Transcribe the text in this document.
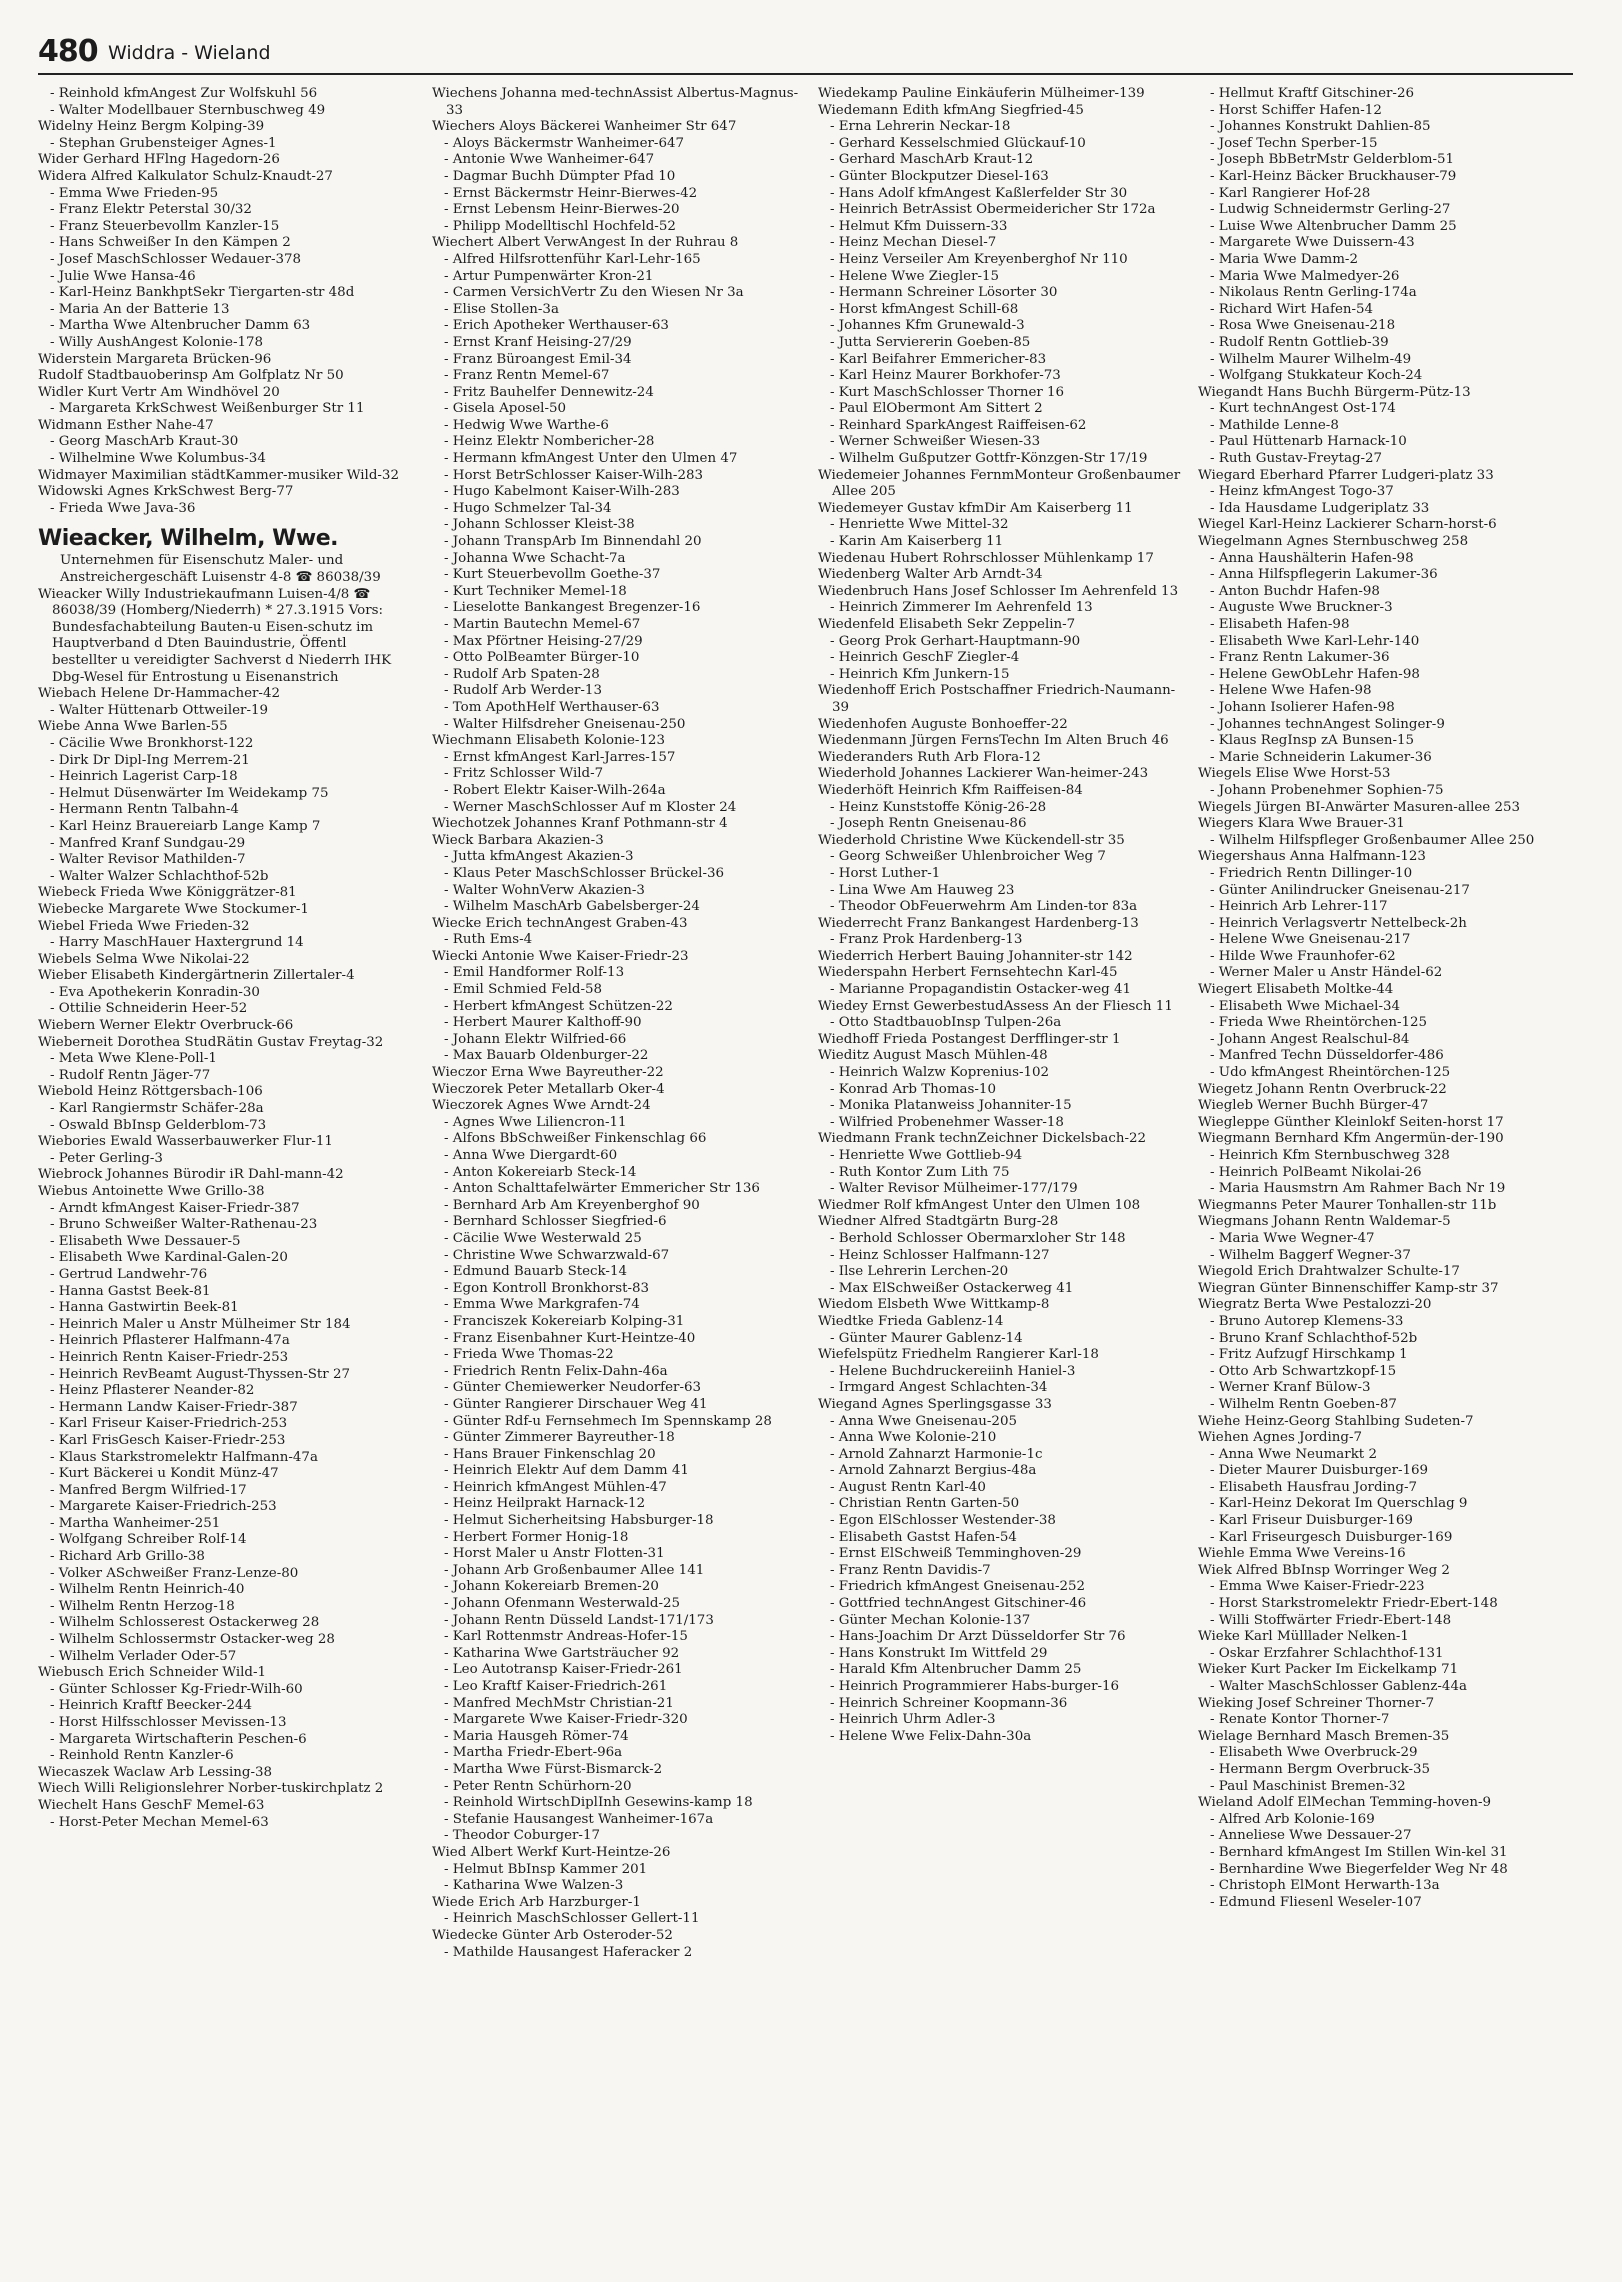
480 Widdra - Wieland
- Reinhold kfmAngest Zur Wolfskuhl 56
- Walter Modellbauer Sternbuschweg 49
Widelny Heinz Bergm Kolping-39
- Stephan Grubensteiger Agnes-1
Wider Gerhard HFlng Hagedorn-26
Widera Alfred Kalkulator Schulz-Knaudt-27
- Emma Wwe Frieden-95
- Franz Elektr Peterstal 30/32
- Franz Steuerbevollm Kanzler-15
- Hans Schweißer In den Kämpen 2
- Josef MaschSchlosser Wedauer-378
- Julie Wwe Hansa-46
- Karl-Heinz BankhptSekr Tiergarten-str 48d
- Maria An der Batterie 13
- Martha Wwe Altenbrucher Damm 63
- Willy AushAngest Kolonie-178
Widerstein Margareta Brücken-96
Rudolf Stadtbauoberinsp Am Golfplatz Nr 50
Widler Kurt Vertr Am Windhövel 20
- Margareta KrkSchwest Weißenburger Str 11
Widmann Esther Nahe-47
- Georg MaschArb Kraut-30
- Wilhelmine Wwe Kolumbus-34
Widmayer Maximilian städtKammer-musiker Wild-32
Widowski Agnes KrkSchwest Berg-77
- Frieda Wwe Java-36
Wieacker, Wilhelm, Wwe.
Unternehmen für Eisenschutz Maler- und Anstreichergeschäft Luisenstr 4-8 ☎ 86038/39
Wieacker Willy Industriekaufmann Luisen-4/8 ☎ 86038/39 (Homberg/Niederrh) * 27.3.1915 Vors: Bundesfachabteilung Bauten-u Eisen-schutz im Hauptverband d Dten Bauindustrie, Öffentl bestellter u vereidigter Sachverst d Niederrh IHK Dbg-Wesel für Entrostung u Eisenanstrich
Wiebach Helene Dr-Hammacher-42
- Walter Hüttenarb Ottweiler-19
Wiebe Anna Wwe Barlen-55
- Cäcilie Wwe Bronkhorst-122
- Dirk Dr Dipl-Ing Merrem-21
- Heinrich Lagerist Carp-18
- Helmut Düsenwärter Im Weidekamp 75
- Hermann Rentn Talbahn-4
- Karl Heinz Brauereiarb Lange Kamp 7
- Manfred Kranf Sundgau-29
- Walter Revisor Mathilden-7
- Walter Walzer Schlachthof-52b
Wiebeck Frieda Wwe Königgrätzer-81
Wiebecke Margarete Wwe Stockumer-1
Wiebel Frieda Wwe Frieden-32
- Harry MaschHauer Haxtergrund 14
Wiebels Selma Wwe Nikolai-22
Wieber Elisabeth Kindergärtnerin Zillertaler-4
- Eva Apothekerin Konradin-30
- Ottilie Schneiderin Heer-52
Wiebern Werner Elektr Overbruck-66
Wieberneit Dorothea StudRätin Gustav Freytag-32
- Meta Wwe Klene-Poll-1
- Rudolf Rentn Jäger-77
Wiebold Heinz Röttgersbach-106
- Karl Rangiermstr Schäfer-28a
- Oswald BbInsp Gelderblom-73
Wiebories Ewald Wasserbauwerker Flur-11
- Peter Gerling-3
Wiebrock Johannes Bürodir iR Dahl-mann-42
Wiebus Antoinette Wwe Grillo-38
- Arndt kfmAngest Kaiser-Friedr-387
- Bruno Schweißer Walter-Rathenau-23
- Elisabeth Wwe Dessauer-5
- Elisabeth Wwe Kardinal-Galen-20
- Gertrud Landwehr-76
- Hanna Gastst Beek-81
- Hanna Gastwirtin Beek-81
- Heinrich Maler u Anstr Mülheimer Str 184
- Heinrich Pflasterer Halfmann-47a
- Heinrich Rentn Kaiser-Friedr-253
- Heinrich RevBeamt August-Thyssen-Str 27
- Heinz Pflasterer Neander-82
- Hermann Landw Kaiser-Friedr-387
- Karl Friseur Kaiser-Friedrich-253
- Karl FrisGesch Kaiser-Friedr-253
- Klaus Starkstromelektr Halfmann-47a
- Kurt Bäckerei u Kondit Münz-47
- Manfred Bergm Wilfried-17
- Margarete Kaiser-Friedrich-253
- Martha Wanheimer-251
- Wolfgang Schreiber Rolf-14
- Richard Arb Grillo-38
- Volker ASchweißer Franz-Lenze-80
- Wilhelm Rentn Heinrich-40
- Wilhelm Rentn Herzog-18
- Wilhelm Schlosserest Ostackerweg 28
- Wilhelm Schlossermstr Ostacker-weg 28
- Wilhelm Verlader Oder-57
Wiebusch Erich Schneider Wild-1
- Günter Schlosser Kg-Friedr-Wilh-60
- Heinrich Kraftf Beecker-244
- Horst Hilfsschlosser Mevissen-13
- Margareta Wirtschafterin Peschen-6
- Reinhold Rentn Kanzler-6
Wiecaszek Waclaw Arb Lessing-38
Wiech Willi Religionslehrer Norber-tuskirchplatz 2
Wiechelt Hans GeschF Memel-63
- Horst-Peter Mechan Memel-63
Wiechens Johanna med-technAssist Albertus-Magnus-33
Wiechers Aloys Bäckerei Wanheimer Str 647
- Aloys Bäckermstr Wanheimer-647
- Antonie Wwe Wanheimer-647
- Dagmar Buchh Dümpter Pfad 10
- Ernst Bäckermstr Heinr-Bierwes-42
- Ernst Lebensm Heinr-Bierwes-20
- Philipp Modelltischl Hochfeld-52
Wiechert Albert VerwAngest In der Ruhrau 8
- Alfred Hilfsrottenführ Karl-Lehr-165
- Artur Pumpenwärter Kron-21
- Carmen VersichVertr Zu den Wiesen Nr 3a
- Elise Stollen-3a
- Erich Apotheker Werthauser-63
- Ernst Kranf Heising-27/29
- Franz Büroangest Emil-34
- Franz Rentn Memel-67
- Fritz Bauhelfer Dennewitz-24
- Gisela Aposel-50
- Hedwig Wwe Warthe-6
- Heinz Elektr Nombericher-28
- Hermann kfmAngest Unter den Ulmen 47
- Horst BetrSchlosser Kaiser-Wilh-283
- Hugo Kabelmont Kaiser-Wilh-283
- Hugo Schmelzer Tal-34
- Johann Schlosser Kleist-38
- Johann TranspArb Im Binnendahl 20
- Johanna Wwe Schacht-7a
- Kurt Steuerbevollm Goethe-37
- Kurt Techniker Memel-18
- Lieselotte Bankangest Bregenzer-16
- Martin Bautechn Memel-67
- Max Pförtner Heising-27/29
- Otto PolBeamter Bürger-10
- Rudolf Arb Spaten-28
- Rudolf Arb Werder-13
- Tom ApothHelf Werthauser-63
- Walter Hilfsdreher Gneisenau-250
Wiechmann Elisabeth Kolonie-123
- Ernst kfmAngest Karl-Jarres-157
- Fritz Schlosser Wild-7
- Robert Elektr Kaiser-Wilh-264a
- Werner MaschSchlosser Auf m Kloster 24
Wiechotzek Johannes Kranf Pothmann-str 4
Wieck Barbara Akazien-3
- Jutta kfmAngest Akazien-3
- Klaus Peter MaschSchlosser Brückel-36
- Walter WohnVerw Akazien-3
- Wilhelm MaschArb Gabelsberger-24
Wiecke Erich technAngest Graben-43
- Ruth Ems-4
Wiecki Antonie Wwe Kaiser-Friedr-23
- Emil Handformer Rolf-13
- Emil Schmied Feld-58
- Herbert kfmAngest Schützen-22
- Herbert Maurer Kalthoff-90
- Johann Elektr Wilfried-66
- Max Bauarb Oldenburger-22
Wieczor Erna Wwe Bayreuther-22
Wieczorek Peter Metallarb Oker-4
Wieczorek Agnes Wwe Arndt-24
- Agnes Wwe Liliencron-11
- Alfons BbSchweißer Finkenschlag 66
- Anna Wwe Diergardt-60
- Anton Kokereiarb Steck-14
- Anton Schalttafelwärter Emmericher Str 136
- Bernhard Arb Am Kreyenberghof 90
- Bernhard Schlosser Siegfried-6
- Cäcilie Wwe Westerwald 25
- Christine Wwe Schwarzwald-67
- Edmund Bauarb Steck-14
- Egon Kontroll Bronkhorst-83
- Emma Wwe Markgrafen-74
- Franciszek Kokereiarb Kolping-31
- Franz Eisenbahner Kurt-Heintze-40
- Frieda Wwe Thomas-22
- Friedrich Rentn Felix-Dahn-46a
- Günter Chemiewerker Neudorfer-63
- Günter Rangierer Dirschauer Weg 41
- Günter Rdf-u Fernsehmech Im Spennskamp 28
- Günter Zimmerer Bayreuther-18
- Hans Brauer Finkenschlag 20
- Heinrich Elektr Auf dem Damm 41
- Heinrich kfmAngest Mühlen-47
- Heinz Heilprakt Harnack-12
- Helmut Sicherheitsing Habsburger-18
- Herbert Former Honig-18
- Horst Maler u Anstr Flotten-31
- Johann Arb Großenbaumer Allee 141
- Johann Kokereiarb Bremen-20
- Johann Ofenmann Westerwald-25
- Johann Rentn Düsseld Landst-171/173
- Karl Rottenmstr Andreas-Hofer-15
- Katharina Wwe Gartsträucher 92
- Leo Autotransp Kaiser-Friedr-261
- Leo Kraftf Kaiser-Friedrich-261
- Manfred MechMstr Christian-21
- Margarete Wwe Kaiser-Friedr-320
- Maria Hausgeh Römer-74
- Martha Friedr-Ebert-96a
- Martha Wwe Fürst-Bismarck-2
- Peter Rentn Schürhorn-20
- Reinhold WirtschDiplInh Gesewins-kamp 18
- Stefanie Hausangest Wanheimer-167a
- Theodor Coburger-17
Wied Albert Werkf Kurt-Heintze-26
- Helmut BbInsp Kammer 201
- Katharina Wwe Walzen-3
Wiede Erich Arb Harzburger-1
- Heinrich MaschSchlosser Gellert-11
Wiedecke Günter Arb Osteroder-52
- Mathilde Hausangest Haferacker 2
Wiedekamp Pauline Einkäuferin Mülheimer-139
Wiedemann Edith kfmAng Siegfried-45
- Erna Lehrerin Neckar-18
- Gerhard Kesselschmied Glückauf-10
- Gerhard MaschArb Kraut-12
- Günter Blockputzer Diesel-163
- Hans Adolf kfmAngest Kaßlerfelder Str 30
- Heinrich BetrAssist Obermeidericher Str 172a
- Helmut Kfm Duissern-33
- Heinz Mechan Diesel-7
- Heinz Verseiler Am Kreyenberghof Nr 110
- Helene Wwe Ziegler-15
- Hermann Schreiner Lösorter 30
- Horst kfmAngest Schill-68
- Johannes Kfm Grunewald-3
- Jutta Serviererin Goeben-85
- Karl Beifahrer Emmericher-83
- Karl Heinz Maurer Borkhofer-73
- Kurt MaschSchlosser Thorner 16
- Paul ElObermont Am Sittert 2
- Reinhard SparkAngest Raiffeisen-62
- Werner Schweißer Wiesen-33
- Wilhelm Gußputzer Gottfr-Könzgen-Str 17/19
Wiedemeier Johannes FernmMonteur Großenbaumer Allee 205
Wiedemeyer Gustav kfmDir Am Kaiserberg 11
- Henriette Wwe Mittel-32
- Karin Am Kaiserberg 11
Wiedenau Hubert Rohrschlosser Mühlenkamp 17
Wiedenberg Walter Arb Arndt-34
Wiedenbruch Hans Josef Schlosser Im Aehrenfeld 13
- Heinrich Zimmerer Im Aehrenfeld 13
Wiedenfeld Elisabeth Sekr Zeppelin-7
- Georg Prok Gerhart-Hauptmann-90
- Heinrich GeschF Ziegler-4
- Heinrich Kfm Junkern-15
Wiedenhoff Erich Postschaffner Friedrich-Naumann-39
Wiedenhofen Auguste Bonhoeffer-22
Wiedenmann Jürgen FernsTechn Im Alten Bruch 46
Wiederanders Ruth Arb Flora-12
Wiederhold Johannes Lackierer Wan-heimer-243
Wiederhöft Heinrich Kfm Raiffeisen-84
- Heinz Kunststoffe König-26-28
- Joseph Rentn Gneisenau-86
Wiederhold Christine Wwe Kückendell-str 35
- Georg Schweißer Uhlenbroicher Weg 7
- Horst Luther-1
- Lina Wwe Am Hauweg 23
- Theodor ObFeuerwehrm Am Linden-tor 83a
Wiederrecht Franz Bankangest Hardenberg-13
- Franz Prok Hardenberg-13
Wiederrich Herbert Bauing Johanniter-str 142
Wiederspahn Herbert Fernsehtechn Karl-45
- Marianne Propagandistin Ostacker-weg 41
Wiedey Ernst GewerbestudAssess An der Fliesch 11
- Otto StadtbauobInsp Tulpen-26a
Wiedhoff Frieda Postangest Derfflinger-str 1
Wieditz August Masch Mühlen-48
- Heinrich Walzw Koprenius-102
- Konrad Arb Thomas-10
- Monika Platanweiss Johanniter-15
- Wilfried Probenehmer Wasser-18
Wiedmann Frank technZeichner Dickelsbach-22
- Henriette Wwe Gottlieb-94
- Ruth Kontor Zum Lith 75
- Walter Revisor Mülheimer-177/179
Wiedmer Rolf kfmAngest Unter den Ulmen 108
Wiedner Alfred Stadtgärtn Burg-28
- Berhold Schlosser Obermarxloher Str 148
- Heinz Schlosser Halfmann-127
- Ilse Lehrerin Lerchen-20
- Max ElSchweißer Ostackerweg 41
Wiedom Elsbeth Wwe Wittkamp-8
Wiedtke Frieda Gablenz-14
- Günter Maurer Gablenz-14
Wiefelspütz Friedhelm Rangierer Karl-18
- Helene Buchdruckereiinh Haniel-3
- Irmgard Angest Schlachten-34
Wiegand Agnes Sperlingsgasse 33
- Anna Wwe Gneisenau-205
- Anna Wwe Kolonie-210
- Arnold Zahnarzt Harmonie-1c
- Arnold Zahnarzt Bergius-48a
- August Rentn Karl-40
- Christian Rentn Garten-50
- Egon ElSchlosser Westender-38
- Elisabeth Gastst Hafen-54
- Ernst ElSchweiß Temminghoven-29
- Franz Rentn Davidis-7
- Friedrich kfmAngest Gneisenau-252
- Gottfried technAngest Gitschiner-46
- Günter Mechan Kolonie-137
- Hans-Joachim Dr Arzt Düsseldorfer Str 76
- Hans Konstrukt Im Wittfeld 29
- Harald Kfm Altenbrucher Damm 25
- Heinrich Programmierer Habs-burger-16
- Heinrich Schreiner Koopmann-36
- Heinrich Uhrm Adler-3
- Helene Wwe Felix-Dahn-30a
- Hellmut Kraftf Gitschiner-26
- Horst Schiffer Hafen-12
- Johannes Konstrukt Dahlien-85
- Josef Techn Sperber-15
- Joseph BbBetrMstr Gelderblom-51
- Karl-Heinz Bäcker Bruckhauser-79
- Karl Rangierer Hof-28
- Ludwig Schneidermstr Gerling-27
- Luise Wwe Altenbrucher Damm 25
- Margarete Wwe Duissern-43
- Maria Wwe Damm-2
- Maria Wwe Malmedyer-26
- Nikolaus Rentn Gerling-174a
- Richard Wirt Hafen-54
- Rosa Wwe Gneisenau-218
- Rudolf Rentn Gottlieb-39
- Wilhelm Maurer Wilhelm-49
- Wolfgang Stukkateur Koch-24
Wiegandt Hans Buchh Bürgerm-Pütz-13
- Kurt technAngest Ost-174
- Mathilde Lenne-8
- Paul Hüttenarb Harnack-10
- Ruth Gustav-Freytag-27
Wiegard Eberhard Pfarrer Ludgeri-platz 33
- Heinz kfmAngest Togo-37
- Ida Hausdame Ludgeriplatz 33
Wiegel Karl-Heinz Lackierer Scharn-horst-6
Wiegelmann Agnes Sternbuschweg 258
- Anna Haushälterin Hafen-98
- Anna Hilfspflegerin Lakumer-36
- Anton Buchdr Hafen-98
- Auguste Wwe Bruckner-3
- Elisabeth Hafen-98
- Elisabeth Wwe Karl-Lehr-140
- Franz Rentn Lakumer-36
- Helene GewObLehr Hafen-98
- Helene Wwe Hafen-98
- Johann Isolierer Hafen-98
- Johannes technAngest Solinger-9
- Klaus RegInsp zA Bunsen-15
- Marie Schneiderin Lakumer-36
Wiegels Elise Wwe Horst-53
- Johann Probenehmer Sophien-75
Wiegels Jürgen BI-Anwärter Masuren-allee 253
Wiegers Klara Wwe Brauer-31
- Wilhelm Hilfspfleger Großenbaumer Allee 250
Wiegershaus Anna Halfmann-123
- Friedrich Rentn Dillinger-10
- Günter Anilindrucker Gneisenau-217
- Heinrich Arb Lehrer-117
- Heinrich Verlagsvertr Nettelbeck-2h
- Helene Wwe Gneisenau-217
- Hilde Wwe Fraunhofer-62
- Werner Maler u Anstr Händel-62
Wiegert Elisabeth Moltke-44
- Elisabeth Wwe Michael-34
- Frieda Wwe Rheintörchen-125
- Johann Angest Realschul-84
- Manfred Techn Düsseldorfer-486
- Udo kfmAngest Rheintörchen-125
Wiegetz Johann Rentn Overbruck-22
Wiegleb Werner Buchh Bürger-47
Wiegleppe Günther Kleinlokf Seiten-horst 17
Wiegmann Bernhard Kfm Angermün-der-190
- Heinrich Kfm Sternbuschweg 328
- Heinrich PolBeamt Nikolai-26
- Maria Hausmstrn Am Rahmer Bach Nr 19
Wiegmanns Peter Maurer Tonhallen-str 11b
Wiegmans Johann Rentn Waldemar-5
- Maria Wwe Wegner-47
- Wilhelm Baggerf Wegner-37
Wiegold Erich Drahtwalzer Schulte-17
Wiegran Günter Binnenschiffer Kamp-str 37
Wiegratz Berta Wwe Pestalozzi-20
- Bruno Autorep Klemens-33
- Bruno Kranf Schlachthof-52b
- Fritz Aufzugf Hirschkamp 1
- Otto Arb Schwartzkopf-15
- Werner Kranf Bülow-3
- Wilhelm Rentn Goeben-87
Wiehe Heinz-Georg Stahlbing Sudeten-7
Wiehen Agnes Jording-7
- Anna Wwe Neumarkt 2
- Dieter Maurer Duisburger-169
- Elisabeth Hausfrau Jording-7
- Karl-Heinz Dekorat Im Querschlag 9
- Karl Friseur Duisburger-169
- Karl Friseurgesch Duisburger-169
Wiehle Emma Wwe Vereins-16
Wiek Alfred BbInsp Worringer Weg 2
- Emma Wwe Kaiser-Friedr-223
- Horst Starkstromelektr Friedr-Ebert-148
- Willi Stoffwärter Friedr-Ebert-148
Wieke Karl Mülllader Nelken-1
- Oskar Erzfahrer Schlachthof-131
Wieker Kurt Packer Im Eickelkamp 71
- Walter MaschSchlosser Gablenz-44a
Wieking Josef Schreiner Thorner-7
- Renate Kontor Thorner-7
Wielage Bernhard Masch Bremen-35
- Elisabeth Wwe Overbruck-29
- Hermann Bergm Overbruck-35
- Paul Maschinist Bremen-32
Wieland Adolf ElMechan Temming-hoven-9
- Alfred Arb Kolonie-169
- Anneliese Wwe Dessauer-27
- Bernhard kfmAngest Im Stillen Win-kel 31
- Bernhardine Wwe Biegerfelder Weg Nr 48
- Christoph ElMont Herwarth-13a
- Edmund Fliesenl Weseler-107
